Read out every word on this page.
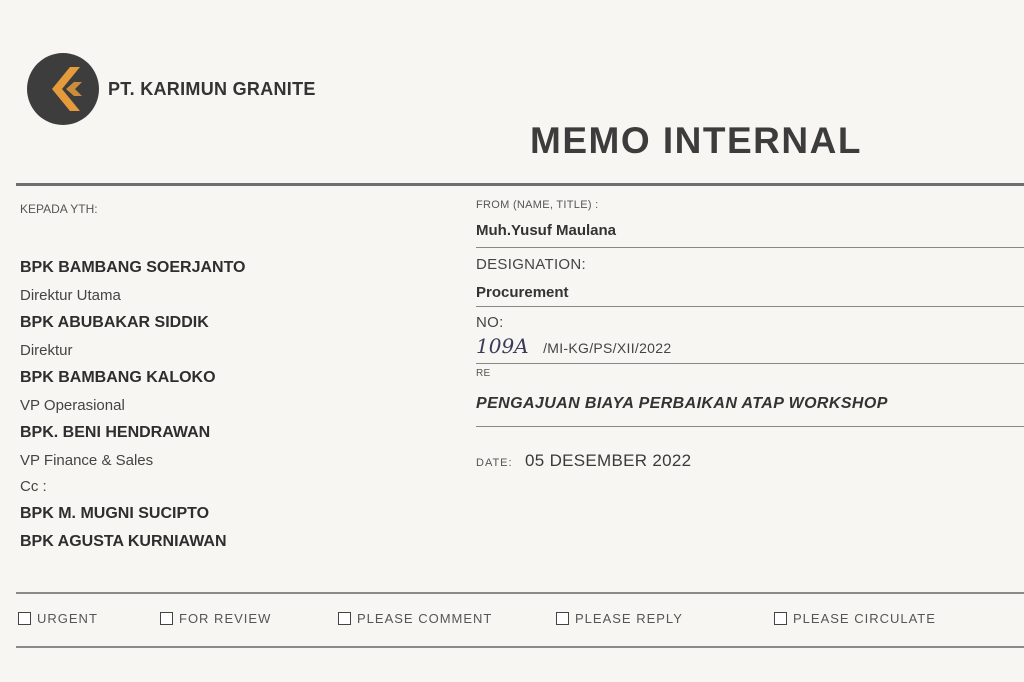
PT. KARIMUN GRANITE
MEMO INTERNAL
KEPADA YTH:
BPK BAMBANG SOERJANTO
Direktur Utama
BPK ABUBAKAR SIDDIK
Direktur
BPK BAMBANG KALOKO
VP Operasional
BPK. BENI HENDRAWAN
VP Finance & Sales
Cc :
BPK M. MUGNI SUCIPTO
BPK AGUSTA KURNIAWAN
FROM (NAME, TITLE) :
Muh.Yusuf Maulana
DESIGNATION:
Procurement
NO:
109A /MI-KG/PS/XII/2022
RE
PENGAJUAN BIAYA PERBAIKAN ATAP WORKSHOP
DATE: 05 DESEMBER 2022
URGENT	FOR REVIEW	PLEASE COMMENT	PLEASE REPLY	PLEASE CIRCULATE
